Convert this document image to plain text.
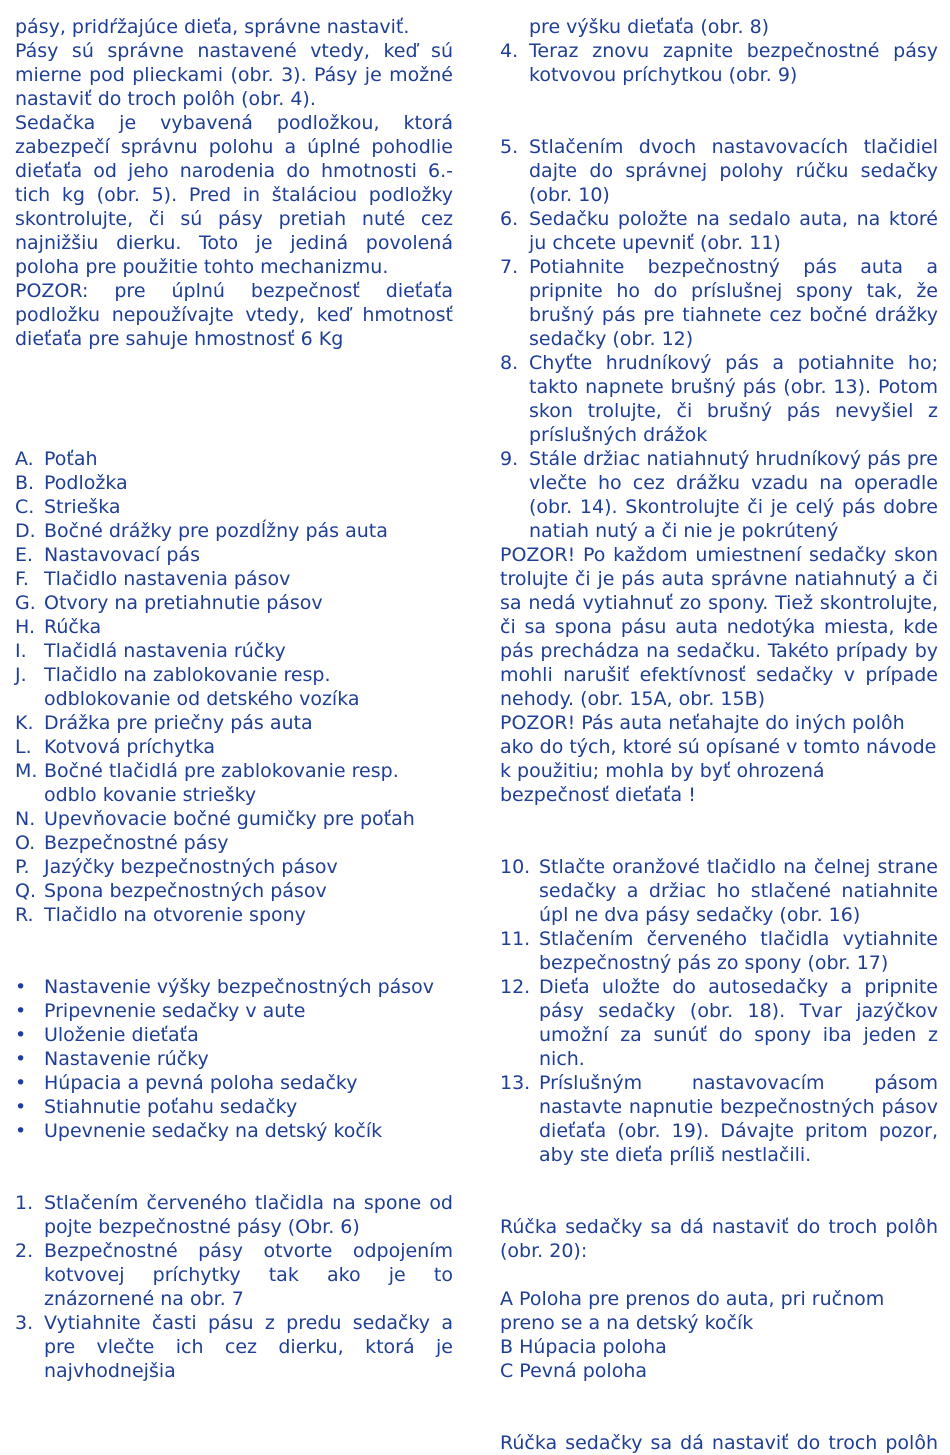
pásy, pridŕžajúce dieťa, správne nastaviť.

Pásy sú správne nastavené vtedy, keď sú mierne pod plieckami (obr. 3). Pásy je možné nastaviť do troch polôh (obr. 4).

Sedačka je vybavená podložkou, ktorá zabezpečí správnu polohu a úplné pohodlie dieťaťa od jeho narodenia do hmotnosti 6.-tich kg (obr. 5). Pred in štaláciou podložky skontrolujte, či sú pásy pretiah nuté cez najnižšiu dierku. Toto je jediná povolená poloha pre použitie tohto mechanizmu.

POZOR: pre úplnú bezpečnosť dieťaťa podložku nepoužívajte vtedy, keď hmotnosť dieťaťa pre sahuje hmostnosť 6 Kg

A. Poťah
B. Podložka
C. Strieška
D. Bočné drážky pre pozdĺžny pás auta
E. Nastavovací pás
F. Tlačidlo nastavenia pásov
G. Otvory na pretiahnutie pásov
H. Rúčka
I. Tlačidlá nastavenia rúčky
J. Tlačidlo na zablokovanie resp. odblokovanie od detského vozíka
K. Drážka pre priečny pás auta
L. Kotvová príchytka
M. Bočné tlačidlá pre zablokovanie resp. odblo kovanie striešky
N. Upevňovacie bočné gumičky pre poťah
O. Bezpečnostné pásy
P. Jazýčky bezpečnostných pásov
Q. Spona bezpečnostných pásov
R. Tlačidlo na otvorenie spony
• Nastavenie výšky bezpečnostných pásov
• Pripevnenie sedačky v aute
• Uloženie dieťaťa
• Nastavenie rúčky
• Húpacia a pevná poloha sedačky
• Stiahnutie poťahu sedačky
• Upevnenie sedačky na detský kočík
1. Stlačením červeného tlačidla na spone od pojte bezpečnostné pásy (Obr. 6)
2. Bezpečnostné pásy otvorte odpojením kotvovej príchytky tak ako je to znázornené na obr. 7
3. Vytiahnite časti pásu z predu sedačky a pre vlečte ich cez dierku, ktorá je najvhodnejšia
pre výšku dieťaťa (obr. 8)
4. Teraz znovu zapnite bezpečnostné pásy kotvovou príchytkou (obr. 9)
5. Stlačením dvoch nastavovacích tlačidiel dajte do správnej polohy rúčku sedačky (obr. 10)
6. Sedačku položte na sedalo auta, na ktoré ju chcete upevniť (obr. 11)
7. Potiahnite bezpečnostný pás auta a pripnite ho do príslušnej spony tak, že brušný pás pre tiahnete cez bočné drážky sedačky (obr. 12)
8. Chyťte hrudníkový pás a potiahnite ho; takto napnete brušný pás (obr. 13). Potom skon trolujte, či brušný pás nevyšiel z príslušných drážok
9. Stále držiac natiahnutý hrudníkový pás pre vlečte ho cez drážku vzadu na operadle (obr. 14). Skontrolujte či je celý pás dobre natiah nutý a či nie je pokrútený

POZOR! Po každom umiestnení sedačky skon trolujte či je pás auta správne natiahnutý a či sa nedá vytiahnuť zo spony. Tiež skontrolujte, či sa spona pásu auta nedotýka miesta, kde pás prechádza na sedačku. Takéto prípady by mohli narušiť efektívnosť sedačky v prípade nehody. (obr. 15A, obr. 15B)

POZOR! Pás auta neťahajte do iných polôh ako do tých, ktoré sú opísané v tomto návode k použitiu; mohla by byť ohrozená bezpečnosť dieťaťa !

10. Stlačte oranžové tlačidlo na čelnej strane sedačky a držiac ho stlačené natiahnite úpl ne dva pásy sedačky (obr. 16)
11. Stlačením červeného tlačidla vytiahnite bezpečnostný pás zo spony (obr. 17)
12. Dieťa uložte do autosedačky a pripnite pásy sedačky (obr. 18). Tvar jazýčkov umožní za sunúť do spony iba jeden z nich.
13. Príslušným nastavovacím pásom nastavte napnutie bezpečnostných pásov dieťaťa (obr. 19). Dávajte pritom pozor, aby ste dieťa príliš nestlačili.

Rúčka sedačky sa dá nastaviť do troch polôh (obr. 20):

A Poloha pre prenos do auta, pri ručnom preno se a na detský kočík

B Húpacia poloha

C Pevná poloha

Rúčka sedačky sa dá nastaviť do troch polôh
